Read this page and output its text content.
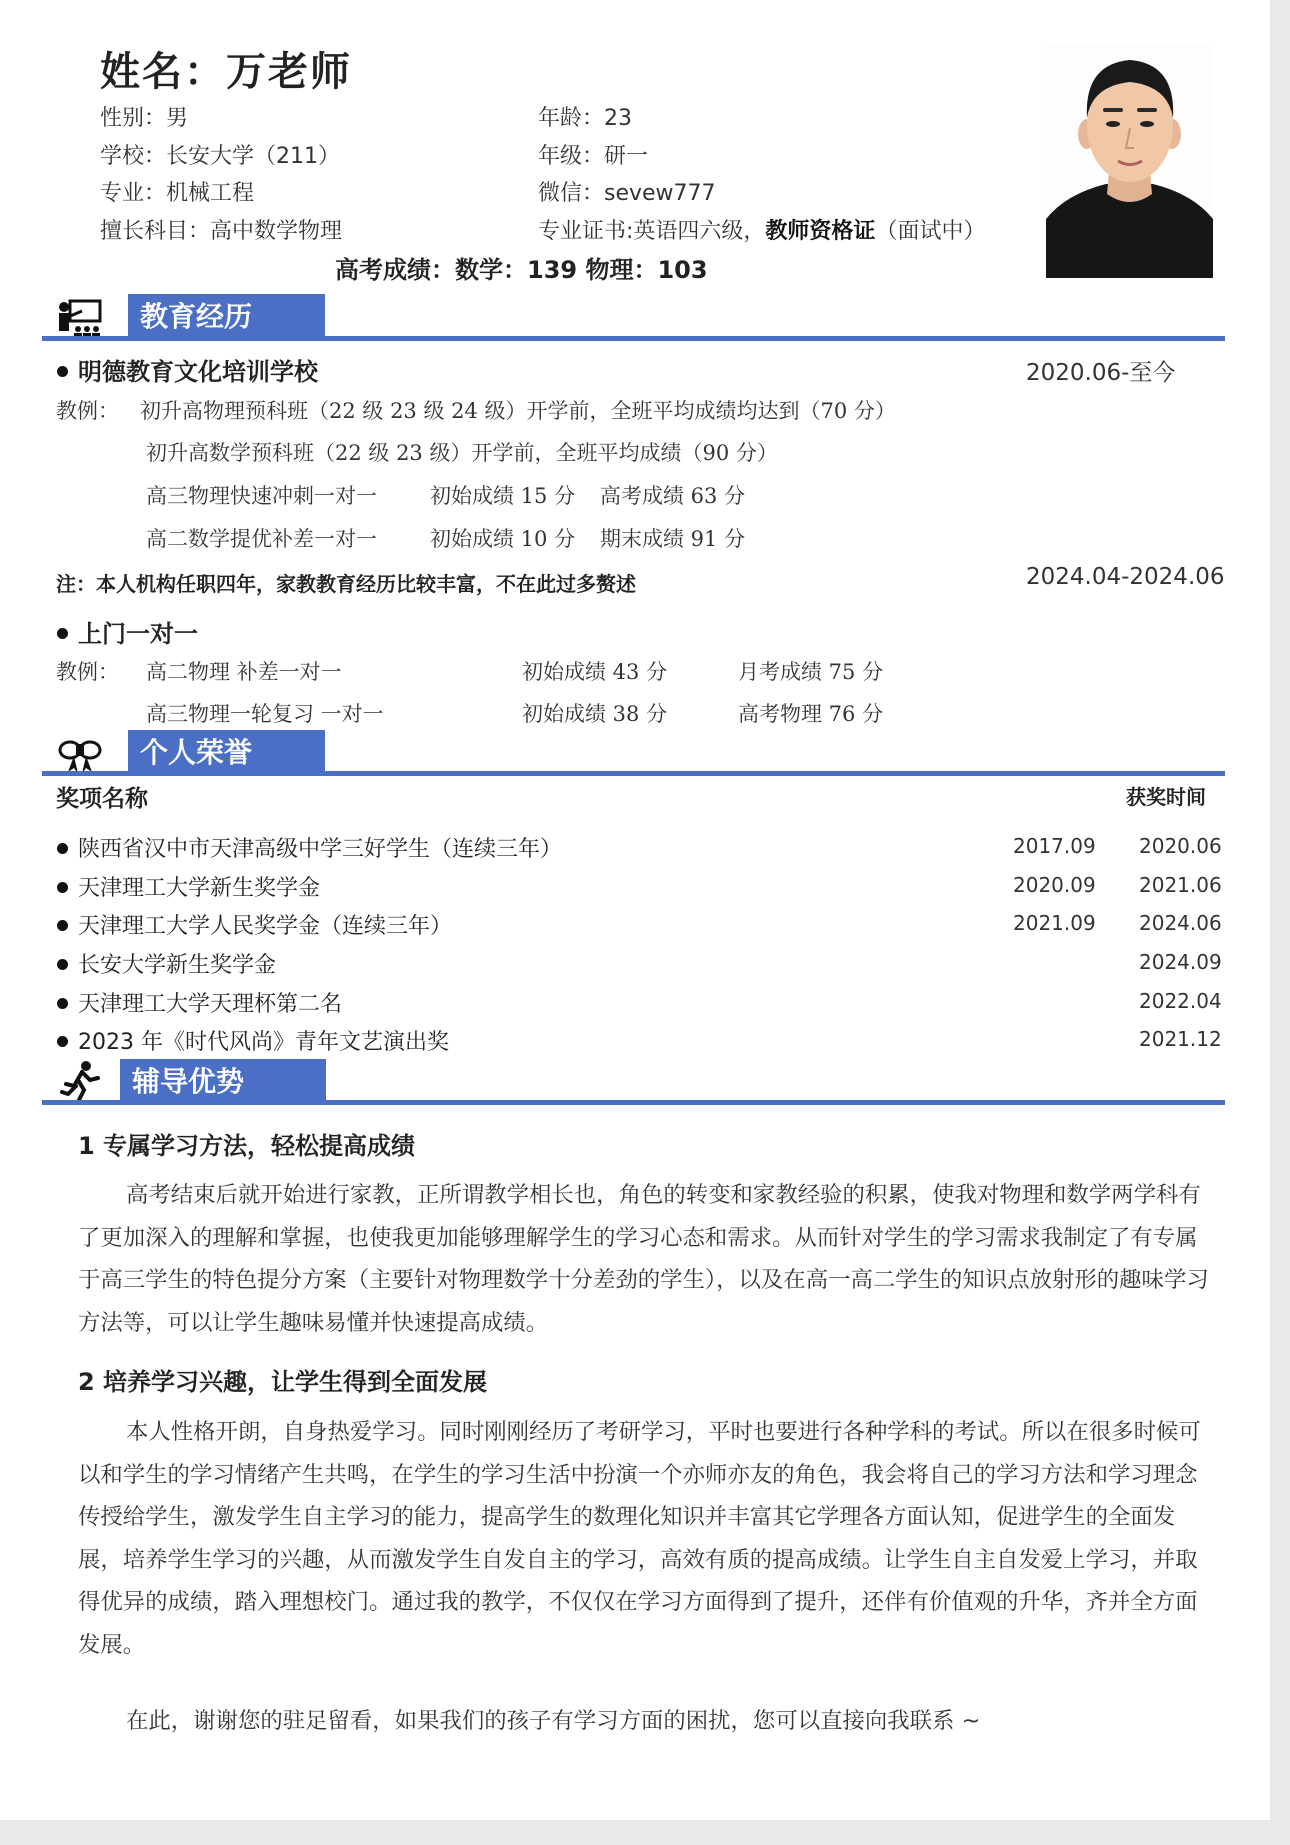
姓名：万老师
性别：男	年龄：23
学校：长安大学（211）	年级：研一
专业：机械工程	微信：sevew777
擅长科目：高中数学物理	专业证书:英语四六级，教师资格证（面试中）
高考成绩：数学：139 物理：103
教育经历
明德教育文化培训学校	2020.06-至今
教例： 初升高物理预科班（22 级 23 级 24 级）开学前，全班平均成绩均达到（70 分）
初升高数学预科班（22 级 23 级）开学前，全班平均成绩（90 分）
高三物理快速冲刺一对一	初始成绩 15 分 高考成绩 63 分
高二数学提优补差一对一	初始成绩 10 分 期末成绩 91 分
注：本人机构任职四年，家教教育经历比较丰富，不在此过多赘述	2024.04-2024.06
上门一对一
教例： 高二物理 补差一对一	初始成绩 43 分	月考成绩 75 分
高三物理一轮复习 一对一	初始成绩 38 分	高考物理 76 分
个人荣誉
奖项名称	获奖时间
陕西省汉中市天津高级中学三好学生（连续三年）	2017.09 2020.06
天津理工大学新生奖学金	2020.09 2021.06
天津理工大学人民奖学金（连续三年）	2021.09 2024.06
长安大学新生奖学金	2024.09
天津理工大学天理杯第二名	2022.04
2023 年《时代风尚》青年文艺演出奖	2021.12
辅导优势
1 专属学习方法，轻松提高成绩
高考结束后就开始进行家教，正所谓教学相长也，角色的转变和家教经验的积累，使我对物理和数学两学科有了更加深入的理解和掌握，也使我更加能够理解学生的学习心态和需求。从而针对学生的学习需求我制定了有专属于高三学生的特色提分方案（主要针对物理数学十分差劲的学生），以及在高一高二学生的知识点放射形的趣味学习方法等，可以让学生趣味易懂并快速提高成绩。
2 培养学习兴趣，让学生得到全面发展
本人性格开朗，自身热爱学习。同时刚刚经历了考研学习，平时也要进行各种学科的考试。所以在很多时候可以和学生的学习情绪产生共鸣，在学生的学习生活中扮演一个亦师亦友的角色，我会将自己的学习方法和学习理念传授给学生，激发学生自主学习的能力，提高学生的数理化知识并丰富其它学理各方面认知，促进学生的全面发展，培养学生学习的兴趣，从而激发学生自发自主的学习，高效有质的提高成绩。让学生自主自发爱上学习，并取得优异的成绩，踏入理想校门。通过我的教学，不仅仅在学习方面得到了提升，还伴有价值观的升华，齐并全方面发展。
在此，谢谢您的驻足留看，如果我们的孩子有学习方面的困扰，您可以直接向我联系 ~
